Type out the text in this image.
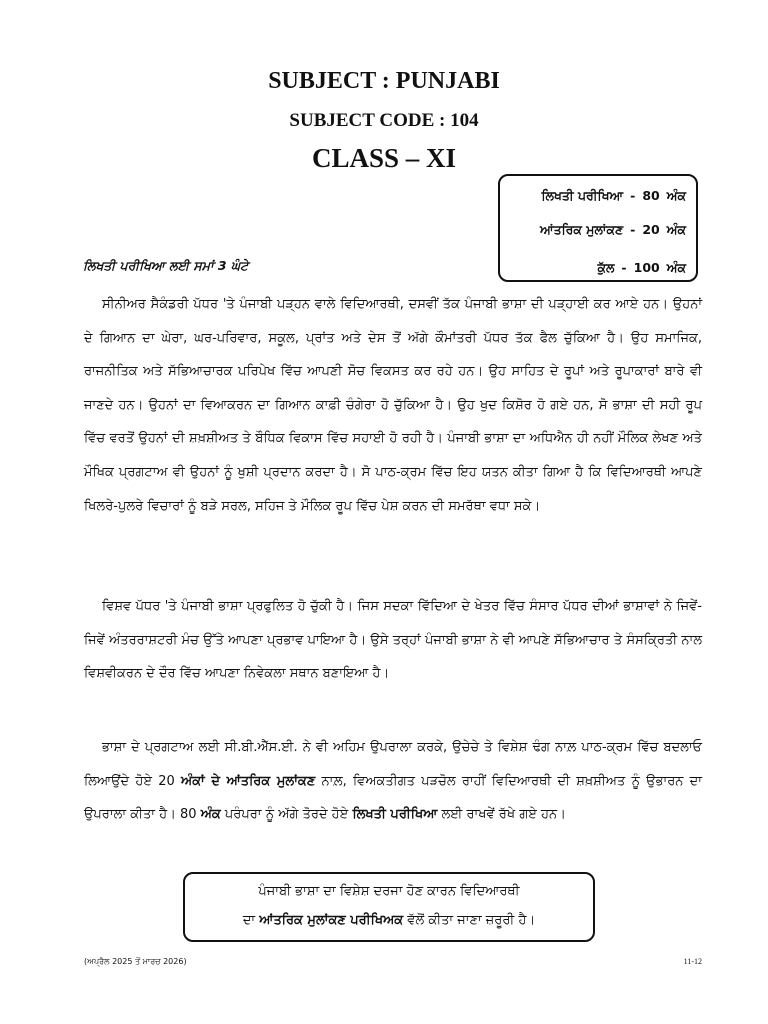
SUBJECT : PUNJABI
SUBJECT CODE : 104
CLASS – XI
ਲਿਖਤੀ ਪਰੀਖਿਆ - 80 ਅੰਕ
ਆਂਤਰਿਕ ਮੁਲਾਂਕਣ - 20 ਅੰਕ
ਕੁੱਲ - 100 ਅੰਕ
ਲਿਖਤੀ ਪਰੀਖਿਆ ਲਈ ਸਮਾਂ 3 ਘੰਟੇ

ਸੀਨੀਅਰ ਸੈਕੰਡਰੀ ਪੱਧਰ 'ਤੇ ਪੰਜਾਬੀ ਪੜ੍ਹਨ ਵਾਲੇ ਵਿਦਿਆਰਥੀ, ਦਸਵੀਂ ਤੱਕ ਪੰਜਾਬੀ ਭਾਸ਼ਾ ਦੀ ਪੜ੍ਹਾਈ ਕਰ ਆਏ ਹਨ। ਉਹਨਾਂ ਦੇ ਗਿਆਨ ਦਾ ਘੇਰਾ, ਘਰ-ਪਰਿਵਾਰ, ਸਕੂਲ, ਪ੍ਰਾਂਤ ਅਤੇ ਦੇਸ ਤੋਂ ਅੱਗੇ ਕੌਮਾਂਤਰੀ ਪੱਧਰ ਤੱਕ ਫੈਲ ਚੁੱਕਿਆ ਹੈ। ਉਹ ਸਮਾਜਿਕ, ਰਾਜਨੀਤਿਕ ਅਤੇ ਸੱਭਿਆਚਾਰਕ ਪਰਿਪੇਖ ਵਿੱਚ ਆਪਣੀ ਸੋਚ ਵਿਕਸਤ ਕਰ ਰਹੇ ਹਨ। ਉਹ ਸਾਹਿਤ ਦੇ ਰੂਪਾਂ ਅਤੇ ਰੂਪਾਕਾਰਾਂ ਬਾਰੇ ਵੀ ਜਾਣਦੇ ਹਨ। ਉਹਨਾਂ ਦਾ ਵਿਆਕਰਨ ਦਾ ਗਿਆਨ ਕਾਫ਼ੀ ਚੰਗੇਰਾ ਹੋ ਚੁੱਕਿਆ ਹੈ। ਉਹ ਖੁਦ ਕਿਸ਼ੋਰ ਹੋ ਗਏ ਹਨ, ਸੋ ਭਾਸ਼ਾ ਦੀ ਸਹੀ ਰੂਪ ਵਿੱਚ ਵਰਤੋਂ ਉਹਨਾਂ ਦੀ ਸ਼ਖ਼ਸ਼ੀਅਤ ਤੇ ਬੌਧਿਕ ਵਿਕਾਸ ਵਿੱਚ ਸਹਾਈ ਹੋ ਰਹੀ ਹੈ। ਪੰਜਾਬੀ ਭਾਸ਼ਾ ਦਾ ਅਧਿਐਨ ਹੀ ਨਹੀਂ ਮੌਲਿਕ ਲੇਖਣ ਅਤੇ ਮੌਖਿਕ ਪ੍ਰਗਟਾਅ ਵੀ ਉਹਨਾਂ ਨੂੰ ਖੁਸ਼ੀ ਪ੍ਰਦਾਨ ਕਰਦਾ ਹੈ। ਸੋ ਪਾਠ-ਕ੍ਰਮ ਵਿੱਚ ਇਹ ਯਤਨ ਕੀਤਾ ਗਿਆ ਹੈ ਕਿ ਵਿਦਿਆਰਥੀ ਆਪਣੇ ਖਿਲਰੇ-ਪੁਲਰੇ ਵਿਚਾਰਾਂ ਨੂੰ ਬੜੇ ਸਰਲ, ਸਹਿਜ ਤੇ ਮੌਲਿਕ ਰੂਪ ਵਿੱਚ ਪੇਸ਼ ਕਰਨ ਦੀ ਸਮਰੱਥਾ ਵਧਾ ਸਕੇ।

ਵਿਸ਼ਵ ਪੱਧਰ 'ਤੇ ਪੰਜਾਬੀ ਭਾਸ਼ਾ ਪ੍ਰਫੁਲਿਤ ਹੋ ਚੁੱਕੀ ਹੈ। ਜਿਸ ਸਦਕਾ ਵਿੱਦਿਆ ਦੇ ਖੇਤਰ ਵਿੱਚ ਸੰਸਾਰ ਪੱਧਰ ਦੀਆਂ ਭਾਸ਼ਾਵਾਂ ਨੇ ਜਿਵੇਂ-ਜਿਵੇਂ ਅੰਤਰਰਾਸ਼ਟਰੀ ਮੰਚ ਉੱਤੇ ਆਪਣਾ ਪ੍ਰਭਾਵ ਪਾਇਆ ਹੈ। ਉਸੇ ਤਰ੍ਹਾਂ ਪੰਜਾਬੀ ਭਾਸ਼ਾ ਨੇ ਵੀ ਆਪਣੇ ਸੱਭਿਆਚਾਰ ਤੇ ਸੰਸਕ੍ਰਿਤੀ ਨਾਲ ਵਿਸ਼ਵੀਕਰਨ ਦੇ ਦੌਰ ਵਿੱਚ ਆਪਣਾ ਨਿਵੇਕਲਾ ਸਥਾਨ ਬਣਾਇਆ ਹੈ।

ਭਾਸ਼ਾ ਦੇ ਪ੍ਰਗਟਾਅ ਲਈ ਸੀ.ਬੀ.ਐੱਸ.ਈ. ਨੇ ਵੀ ਅਹਿਮ ਉਪਰਾਲਾ ਕਰਕੇ, ਉਚੇਚੇ ਤੇ ਵਿਸ਼ੇਸ਼ ਢੰਗ ਨਾਲ਼ ਪਾਠ-ਕ੍ਰਮ ਵਿੱਚ ਬਦਲਾਓ ਲਿਆਉਂਦੇ ਹੋਏ 20 ਅੰਕਾਂ ਦੇ ਆਂਤਰਿਕ ਮੁਲਾਂਕਣ ਨਾਲ਼, ਵਿਅਕਤੀਗਤ ਪੜਚੋਲ ਰਾਹੀਂ ਵਿਦਿਆਰਥੀ ਦੀ ਸ਼ਖ਼ਸ਼ੀਅਤ ਨੂੰ ਉਭਾਰਨ ਦਾ ਉਪਰਾਲਾ ਕੀਤਾ ਹੈ। 80 ਅੰਕ ਪਰੰਪਰਾ ਨੂੰ ਅੱਗੇ ਤੋਰਦੇ ਹੋਏ ਲਿਖਤੀ ਪਰੀਖਿਆ ਲਈ ਰਾਖਵੇਂ ਰੱਖੇ ਗਏ ਹਨ।

ਪੰਜਾਬੀ ਭਾਸ਼ਾ ਦਾ ਵਿਸ਼ੇਸ਼ ਦਰਜਾ ਹੋਣ ਕਾਰਨ ਵਿਦਿਆਰਥੀ
ਦਾ ਆਂਤਰਿਕ ਮੁਲਾਂਕਣ ਪਰੀਖਿਅਕ ਵੱਲੋਂ ਕੀਤਾ ਜਾਣਾ ਜ਼ਰੂਰੀ ਹੈ।
(ਅਪ੍ਰੈਲ 2025 ਤੋਂ ਮਾਰਚ 2026)	11-12
